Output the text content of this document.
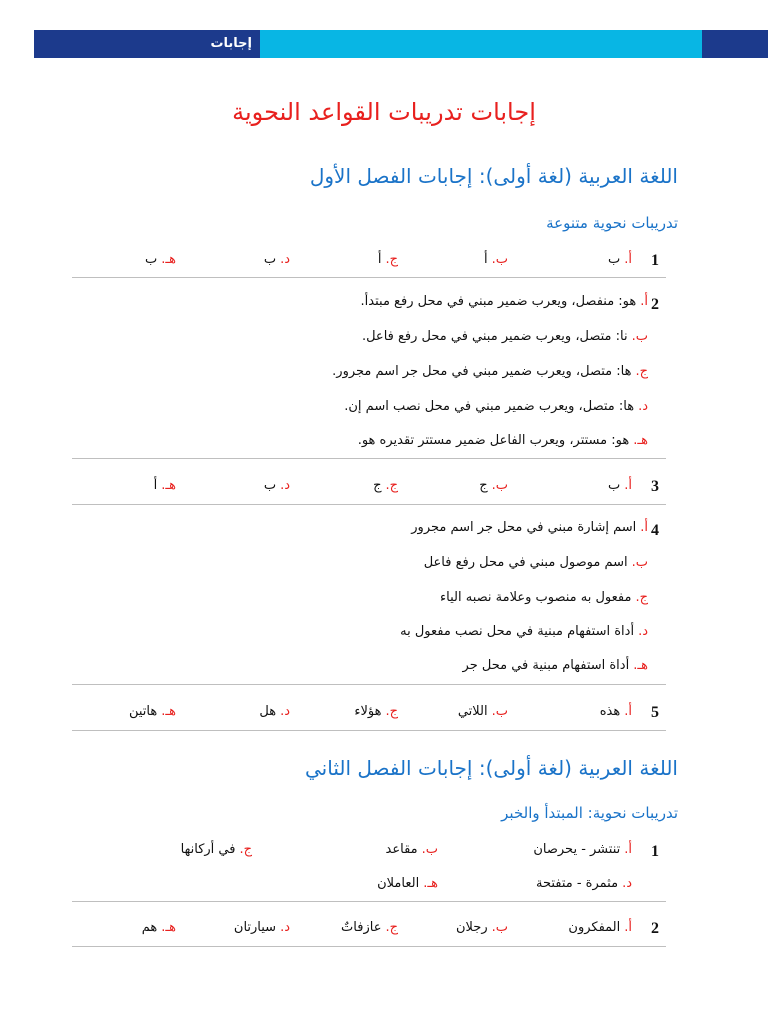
إجابات
إجابات تدريبات القواعد النحوية
اللغة العربية (لغة أولى): إجابات الفصل الأول
تدريبات نحوية متنوعة
1
أ.ب
ب.أ
ج.أ
د.ب
هـ.ب
2
أ.هو: منفصل، ويعرب ضمير مبني في محل رفع مبتدأ.
ب.نا: متصل، ويعرب ضمير مبني في محل رفع فاعل.
ج.ها: متصل، ويعرب ضمير مبني في محل جر اسم مجرور.
د.ها: متصل، ويعرب ضمير مبني في محل نصب اسم إن.
هـ.هو: مستتر، ويعرب الفاعل ضمير مستتر تقديره هو.
3
أ.ب
ب.ج
ج.ج
د.ب
هـ.أ
4
أ.اسم إشارة مبني في محل جر اسم مجرور
ب.اسم موصول مبني في محل رفع فاعل
ج.مفعول به منصوب وعلامة نصبه الياء
د.أداة استفهام مبنية في محل نصب مفعول به
هـ.أداة استفهام مبنية في محل جر
5
أ.هذه
ب.اللاتي
ج.هؤلاء
د.هل
هـ.هاتين
اللغة العربية (لغة أولى): إجابات الفصل الثاني
تدريبات نحوية: المبتدأ والخبر
1
أ.تنتشر - يحرصان
ب.مقاعد
ج.في أركانها
د.مثمرة - متفتحة
هـ.العاملان
2
أ.المفكرون
ب.رجلان
ج.عازفاتٌ
د.سيارتان
هـ.هم
